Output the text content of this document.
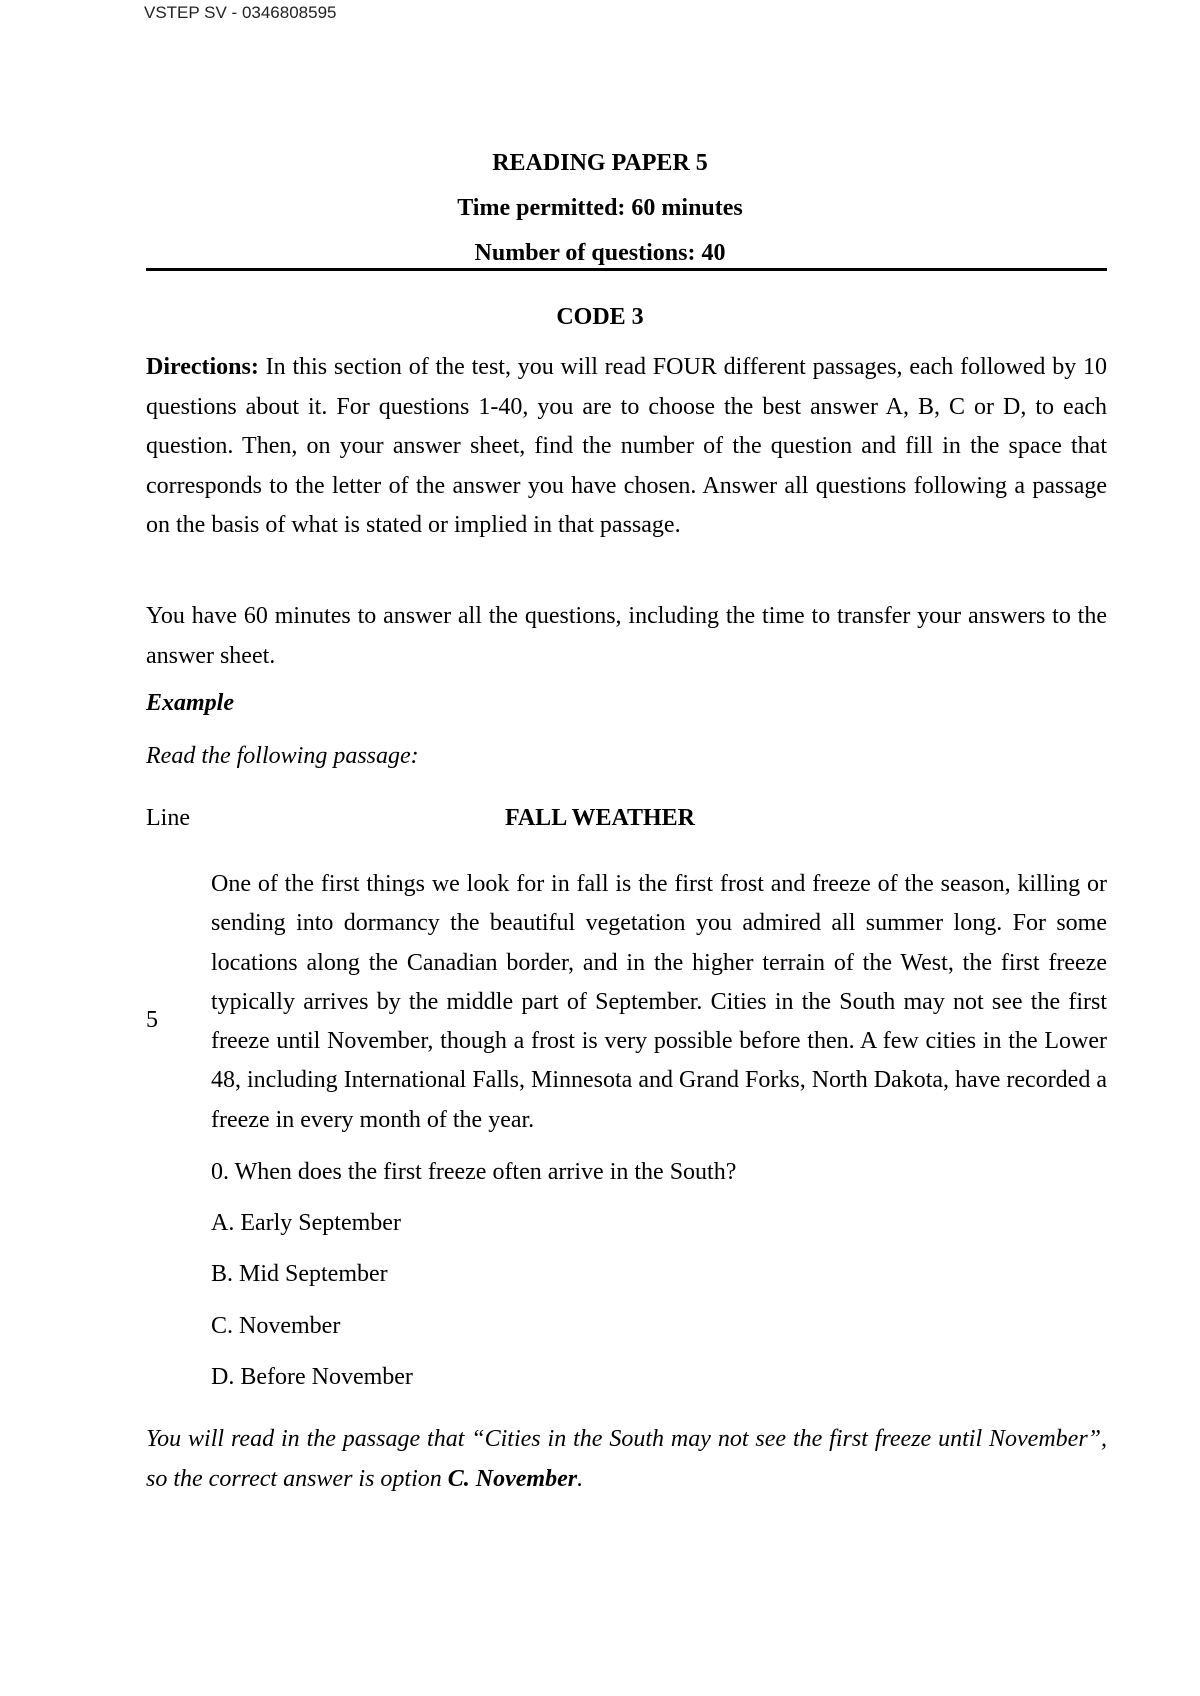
VSTEP SV - 0346808595
READING PAPER 5
Time permitted: 60 minutes
Number of questions: 40
CODE 3

Directions: In this section of the test, you will read FOUR different passages, each followed by 10 questions about it. For questions 1-40, you are to choose the best answer A, B, C or D, to each question. Then, on your answer sheet, find the number of the question and fill in the space that corresponds to the letter of the answer you have chosen. Answer all questions following a passage on the basis of what is stated or implied in that passage.

You have 60 minutes to answer all the questions, including the time to transfer your answers to the answer sheet.

Example
Read the following passage:
Line	FALL WEATHER

One of the first things we look for in fall is the first frost and freeze of the season, killing or sending into dormancy the beautiful vegetation you admired all summer long. For some locations along the Canadian border, and in the higher terrain of the West, the first freeze typically arrives by the middle part of September. Cities in the South may not see the first freeze until November, though a frost is very possible before then. A few cities in the Lower 48, including International Falls, Minnesota and Grand Forks, North Dakota, have recorded a freeze in every month of the year.

5
0. When does the first freeze often arrive in the South?
A. Early September
B. Mid September
C. November
D. Before November

You will read in the passage that “Cities in the South may not see the first freeze until November”, so the correct answer is option C. November.
